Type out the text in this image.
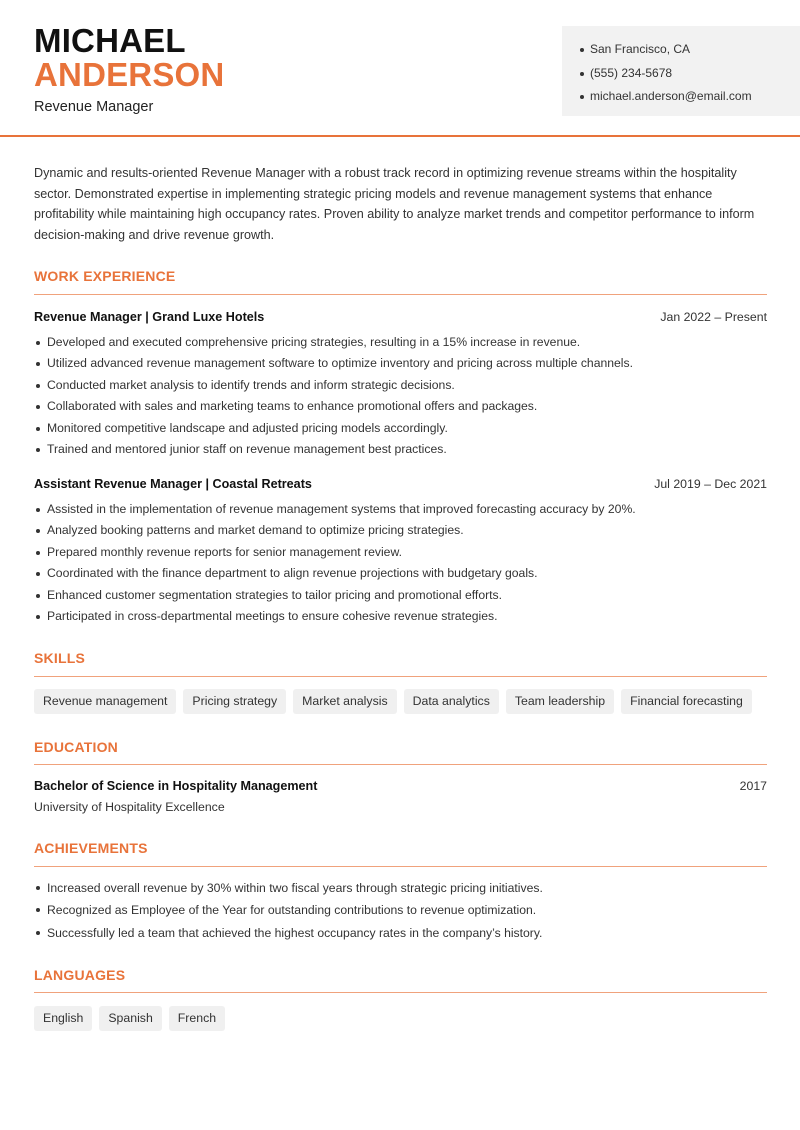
MICHAEL
ANDERSON
Revenue Manager
San Francisco, CA
(555) 234-5678
michael.anderson@email.com

Dynamic and results-oriented Revenue Manager with a robust track record in optimizing revenue streams within the hospitality sector. Demonstrated expertise in implementing strategic pricing models and revenue management systems that enhance profitability while maintaining high occupancy rates. Proven ability to analyze market trends and competitor performance to inform decision-making and drive revenue growth.

WORK EXPERIENCE
Revenue Manager | Grand Luxe Hotels	Jan 2022 – Present
Developed and executed comprehensive pricing strategies, resulting in a 15% increase in revenue.
Utilized advanced revenue management software to optimize inventory and pricing across multiple channels.
Conducted market analysis to identify trends and inform strategic decisions.
Collaborated with sales and marketing teams to enhance promotional offers and packages.
Monitored competitive landscape and adjusted pricing models accordingly.
Trained and mentored junior staff on revenue management best practices.
Assistant Revenue Manager | Coastal Retreats	Jul 2019 – Dec 2021
Assisted in the implementation of revenue management systems that improved forecasting accuracy by 20%.
Analyzed booking patterns and market demand to optimize pricing strategies.
Prepared monthly revenue reports for senior management review.
Coordinated with the finance department to align revenue projections with budgetary goals.
Enhanced customer segmentation strategies to tailor pricing and promotional efforts.
Participated in cross-departmental meetings to ensure cohesive revenue strategies.
SKILLS
Revenue management	Pricing strategy	Market analysis	Data analytics	Team leadership	Financial forecasting
EDUCATION
Bachelor of Science in Hospitality Management	2017
University of Hospitality Excellence
ACHIEVEMENTS
Increased overall revenue by 30% within two fiscal years through strategic pricing initiatives.
Recognized as Employee of the Year for outstanding contributions to revenue optimization.
Successfully led a team that achieved the highest occupancy rates in the company’s history.
LANGUAGES
English	Spanish	French
